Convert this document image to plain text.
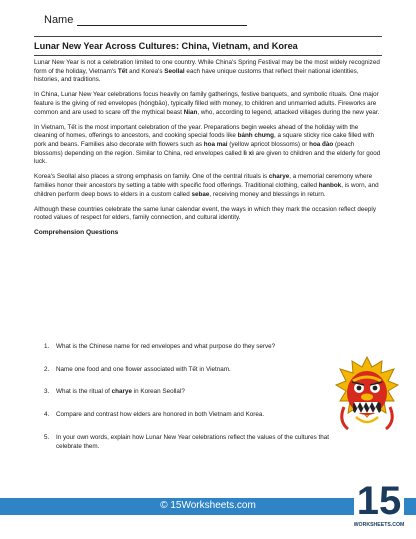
Name
Lunar New Year Across Cultures: China, Vietnam, and Korea

Lunar New Year is not a celebration limited to one country. While China's Spring Festival may be the most widely recognized form of the holiday, Vietnam's Tết and Korea's Seollal each have unique customs that reflect their national identities, histories, and traditions.

In China, Lunar New Year celebrations focus heavily on family gatherings, festive banquets, and symbolic rituals. One major feature is the giving of red envelopes (hóngbāo), typically filled with money, to children and unmarried adults. Fireworks are common and are used to scare off the mythical beast Nian, who, according to legend, attacked villages during the new year.

In Vietnam, Tết is the most important celebration of the year. Preparations begin weeks ahead of the holiday with the cleaning of homes, offerings to ancestors, and cooking special foods like bánh chưng, a square sticky rice cake filled with pork and beans. Families also decorate with flowers such as hoa mai (yellow apricot blossoms) or hoa đào (peach blossoms) depending on the region. Similar to China, red envelopes called lì xì are given to children and the elderly for good luck.

Korea's Seollal also places a strong emphasis on family. One of the central rituals is charye, a memorial ceremony where families honor their ancestors by setting a table with specific food offerings. Traditional clothing, called hanbok, is worn, and children perform deep bows to elders in a custom called sebae, receiving money and blessings in return.

Although these countries celebrate the same lunar calendar event, the ways in which they mark the occasion reflect deeply rooted values of respect for elders, family connection, and cultural identity.

Comprehension Questions
1.	What is the Chinese name for red envelopes and what purpose do they serve?
2.	Name one food and one flower associated with Tết in Vietnam.
3.	What is the ritual of charye in Korean Seollal?
4.	Compare and contrast how elders are honored in both Vietnam and Korea.
5.	In your own words, explain how Lunar New Year celebrations reflect the values of the cultures that celebrate them.
© 15Worksheets.com	15
WORKSHEETS.COM
